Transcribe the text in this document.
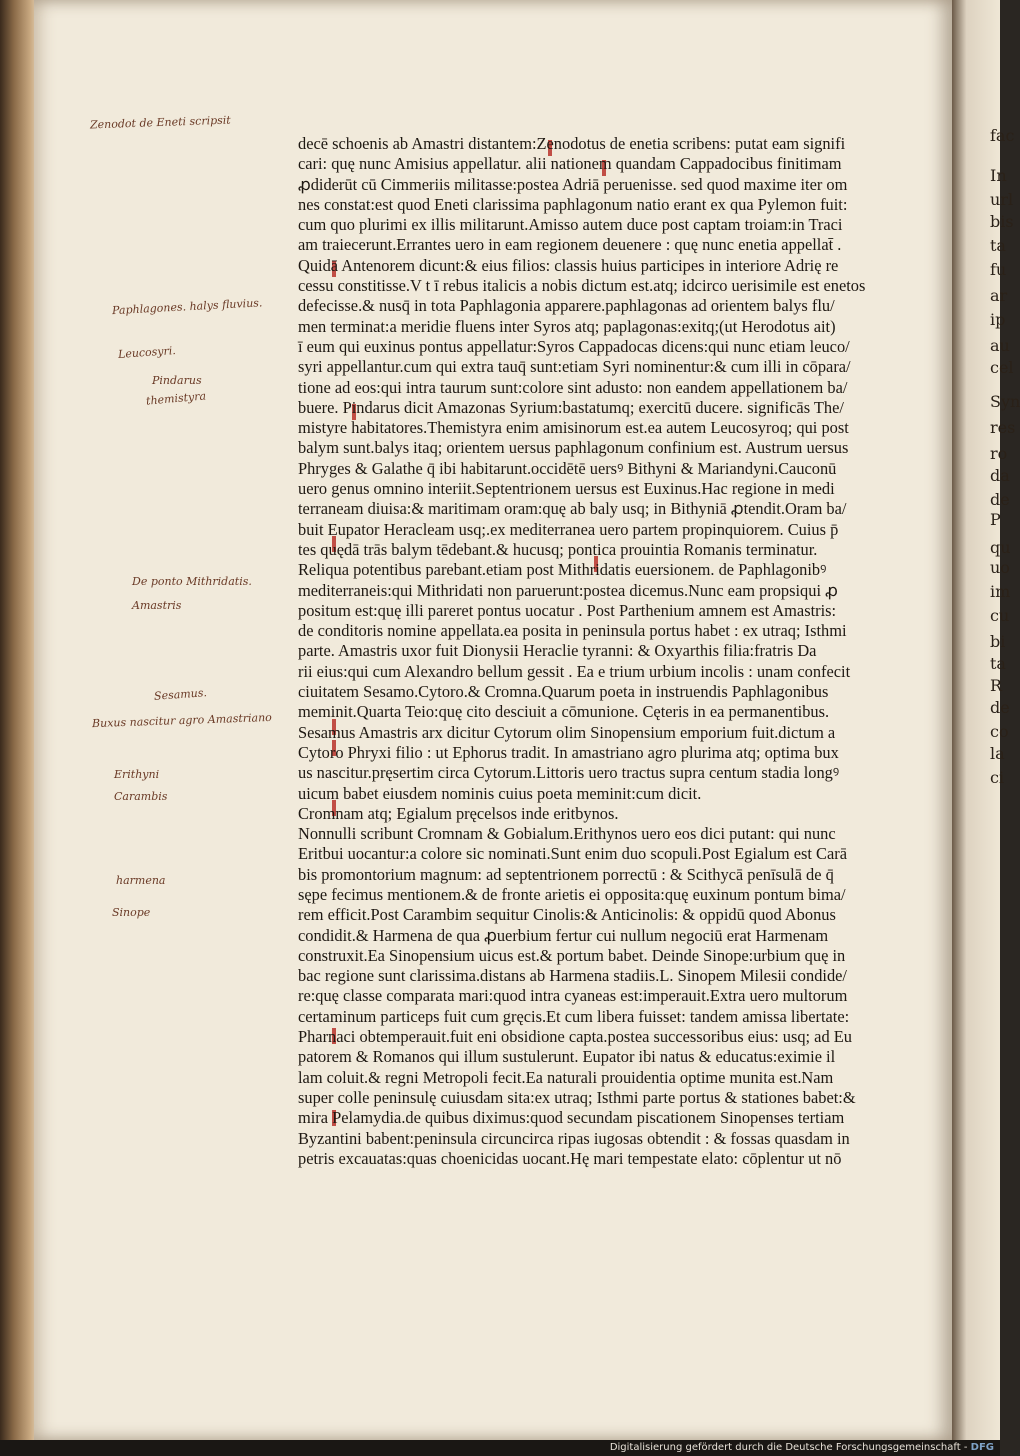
Zenodot de Eneti scripsit
Paphlagones. halys fluvius.
Leucosyri.
Pindarus
themistyra
De ponto Mithridatis. Amastris
Sesamus.
Buxus nascitur agro Amastriano
Erithyni
Carambis
harmena
Sinope
decē schoenis ab Amastri distantem:Zenodotus de enetia scribens: putat eam signifi
cari: quę nunc Amisius appellatur. alii nationem quandam Cappadocibus finitimam
ꝓdiderūt cū Cimmeriis militasse:postea Adriā peruenisse. sed quod maxime iter om
nes constat:est quod Eneti clarissima paphlagonum natio erant ex qua Pylemon fuit:
cum quo plurimi ex illis militarunt.Amisso autem duce post captam troiam:in Traci
am traiecerunt.Errantes uero in eam regionem deuenere : quę nunc enetia appellat̄ .
Quidā Antenorem dicunt:& eius filios: classis huius participes in interiore Adrię re
cessu constitisse.V t ī rebus italicis a nobis dictum est.atq; idcirco uerisimile est enetos
defecisse.& nusq̄ in tota Paphlagonia apparere.paphlagonas ad orientem balys flu/
men terminat:a meridie fluens inter Syros atq; paplagonas:exitq;(ut Herodotus ait)
ī eum qui euxinus pontus appellatur:Syros Cappadocas dicens:qui nunc etiam leuco/
syri appellantur.cum qui extra tauq̄ sunt:etiam Syri nominentur:& cum illi in cōpara/
tione ad eos:qui intra taurum sunt:colore sint adusto: non eandem appellationem ba/
buere. Pindarus dicit Amazonas Syrium:bastatumq; exercitū ducere. significās The/
mistyre habitatores.Themistyra enim amisinorum est.ea autem Leucosyroq; qui post
balym sunt.balys itaq; orientem uersus paphlagonum confinium est. Austrum uersus
Phryges & Galathe q̄ ibi habitarunt.occidētē uersꝰ Bithyni & Mariandyni.Cauconū
uero genus omnino interiit.Septentrionem uersus est Euxinus.Hac regione in medi
terraneam diuisa:& maritimam oram:quę ab baly usq; in Bithyniā ꝓtendit.Oram ba/
buit Eupator Heracleam usq;.ex mediterranea uero partem propinquiorem. Cuius p̄
tes quędā trās balym tēdebant.& hucusq; pontica prouintia Romanis terminatur.
Reliqua potentibus parebant.etiam post Mithridatis euersionem. de Paphlagonibꝰ
mediterraneis:qui Mithridati non paruerunt:postea dicemus.Nunc eam propsiqui ꝓ
positum est:quę illi pareret pontus uocatur . Post Parthenium amnem est Amastris:
de conditoris nomine appellata.ea posita in peninsula portus habet : ex utraq; Isthmi
parte. Amastris uxor fuit Dionysii Heraclie tyranni: & Oxyarthis filia:fratris Da
rii eius:qui cum Alexandro bellum gessit . Ea e trium urbium incolis : unam confecit
ciuitatem Sesamo.Cytoro.& Cromna.Quarum poeta in instruendis Paphlagonibus
meminit.Quarta Teio:quę cito desciuit a cōmunione. Cęteris in ea permanentibus.
Sesamus Amastris arx dicitur Cytorum olim Sinopensium emporium fuit.dictum a
Cytoro Phryxi filio : ut Ephorus tradit. In amastriano agro plurima atq; optima bux
us nascitur.pręsertim circa Cytorum.Littoris uero tractus supra centum stadia longꝰ
uicum babet eiusdem nominis cuius poeta meminit:cum dicit.
Cromnam atq; Egialum pręcelsos inde eritbynos.
Nonnulli scribunt Cromnam & Gobialum.Erithynos uero eos dici putant: qui nunc
Eritbui uocantur:a colore sic nominati.Sunt enim duo scopuli.Post Egialum est Carā
bis promontorium magnum: ad septentrionem porrectū : & Scithycā penīsulā de q̄
sępe fecimus mentionem.& de fronte arietis ei opposita:quę euxinum pontum bima/
rem efficit.Post Carambim sequitur Cinolis:& Anticinolis: & oppidū quod Abonus
condidit.& Harmena de qua ꝓuerbium fertur cui nullum negociū erat Harmenam
construxit.Ea Sinopensium uicus est.& portum babet. Deinde Sinope:urbium quę in
bac regione sunt clarissima.distans ab Harmena stadiis.L. Sinopem Milesii condide/
re:quę classe comparata mari:quod intra cyaneas est:imperauit.Extra uero multorum
certaminum particeps fuit cum gręcis.Et cum libera fuisset: tandem amissa libertate:
Pharnaci obtemperauit.fuit eni obsidione capta.postea successoribus eius: usq; ad Eu
patorem & Romanos qui illum sustulerunt. Eupator ibi natus & educatus:eximie il
lam coluit.& regni Metropoli fecit.Ea naturali prouidentia optime munita est.Nam
super colle peninsulę cuiusdam sita:ex utraq; Isthmi parte portus & stationes babet:&
mira Pelamydia.de quibus diximus:quod secundam piscationem Sinopenses tertiam
Byzantini babent:peninsula circuncirca ripas iugosas obtendit : & fossas quasdam in
petris excauatas:quas choenicidas uocant.Hę mari tempestate elato: cōplentur ut nō
fac
In
url
bis
ta
fu
ar
ip
au
cel
Syn
res
ro
da
de
P
qu
uo
im
cu
bi
ta
R
de
co
la
ci
Digitalisierung gefördert durch die Deutsche Forschungsgemeinschaft - DFG
